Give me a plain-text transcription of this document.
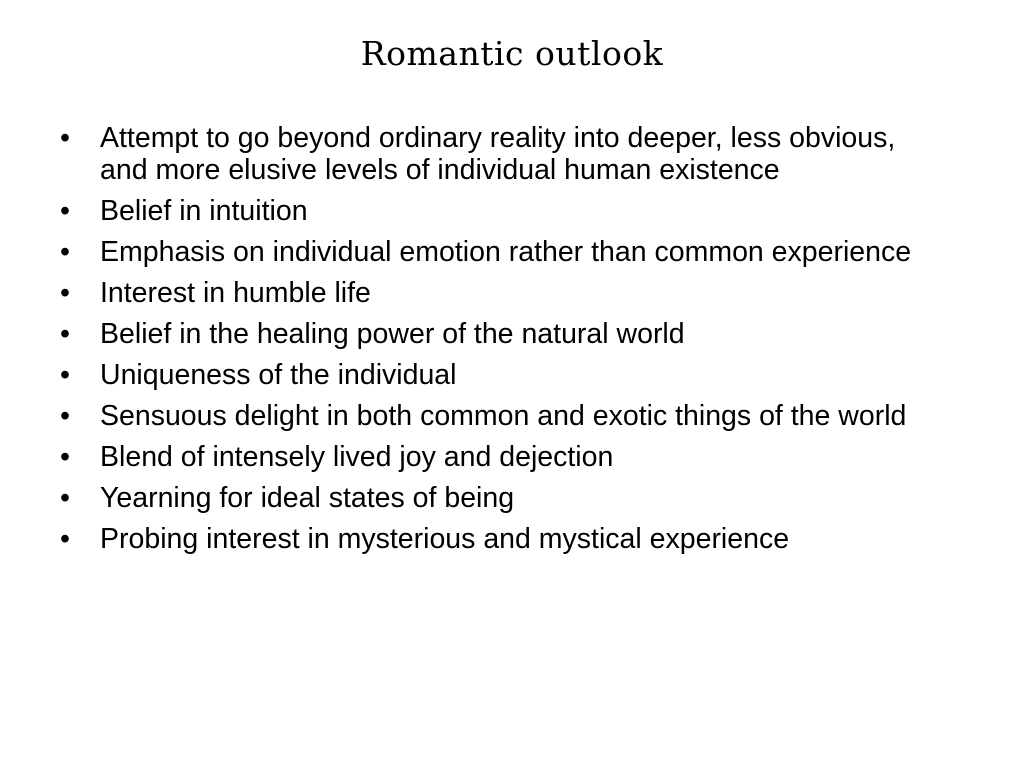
Romantic outlook
•	Attempt to go beyond ordinary reality into deeper, less obvious, and more elusive levels of individual human existence
•	Belief in intuition
•	Emphasis on individual emotion rather than common experience
•	Interest in humble life
•	Belief in the healing power of the natural world
•	Uniqueness of the individual
•	Sensuous delight in both common and exotic things of the world
•	Blend of intensely lived joy and dejection
•	Yearning for ideal states of being
•	Probing interest in mysterious and mystical experience
